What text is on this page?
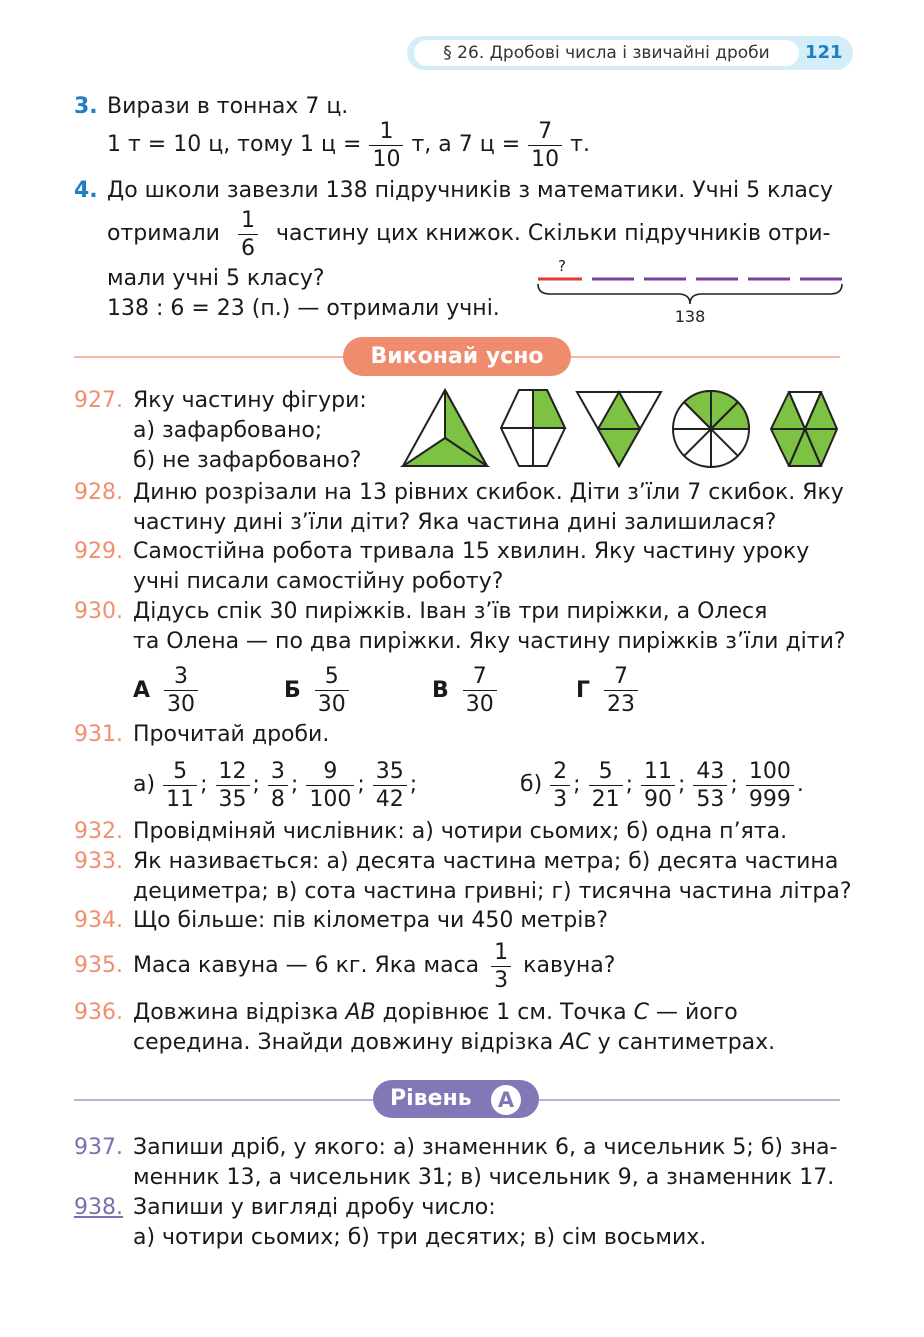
§ 26. Дробові числа і звичайні дроби	121
3. Вирази в тоннах 7 ц.
1 т = 10 ц, тому 1 $ц = \frac{1}{10} т$, а 7 $ц = \frac{7}{10} т$.
4. До школи завезли 138 підручників з математики. Учні 5 класу
отримали $\frac{1}{6}$ частину цих книжок. Скільки підручників отри-
мали учні 5 класу?
138 : 6 = 23 (п.) — отримали учні.
?
138
Виконай усно
927. Яку частину фігури:
а) зафарбовано;
б) не зафарбовано?
928. Диню розрізали на 13 рівних скибок. Діти з’їли 7 скибок. Яку
частину дині з’їли діти? Яка частина дині залишилася?
929. Самостійна робота тривала 15 хвилин. Яку частину уроку
учні писали самостійну роботу?
930. Дідусь спік 30 пиріжків. Іван з’їв три пиріжки, а Олеся
та Олена — по два пиріжки. Яку частину пиріжків з’їли діти?
А $\frac{3}{30}$	Б $\frac{5}{30}$	В $\frac{7}{30}$	Г $\frac{7}{23}$
931. Прочитай дроби.
$а) \frac{5}{11}$ ; $\frac{12}{35}$ ; $\frac{3}{8}$ ; $\frac{9}{100}$ ; $\frac{35}{42}$ ;	$б) \frac{2}{3}$ ; $\frac{5}{21}$ ; $\frac{11}{90}$ ; $\frac{43}{53}$ ; $\frac{100}{999}$ .
932. Провідміняй числівник: а) чотири сьомих; б) одна п’ята.
933. Як називається: а) десята частина метра; б) десята частина
дециметра; в) сота частина гривні; г) тисячна частина літра?
934. Що більше: пів кілометра чи 450 метрів?
935. Маса кавуна — 6 кг. Яка маса $\frac{1}{3}$ кавуна?
936. Довжина відрізка AB дорівнює 1 см. Точка C — його
середина. Знайди довжину відрізка AC у сантиметрах.
Рівень	А
937. Запиши дріб, у якого: а) знаменник 6, а чисельник 5; б) зна-
менник 13, а чисельник 31; в) чисельник 9, а знаменник 17.
938. Запиши у вигляді дробу число:
а) чотири сьомих; б) три десятих; в) сім восьмих.
